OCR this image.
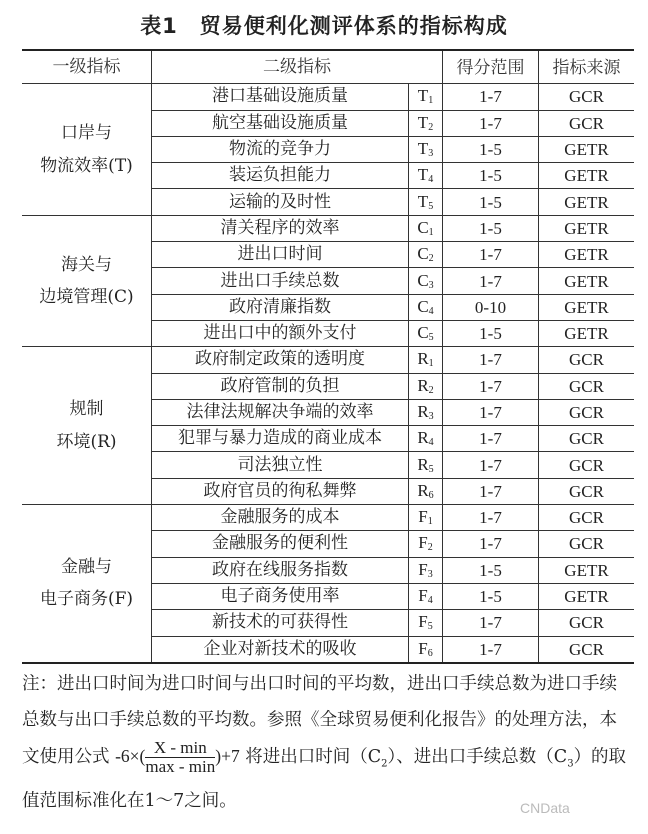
表1　贸易便利化测评体系的指标构成
一级指标	二级指标		得分范围	指标来源

口岸与
物流效率(T)	港口基础设施质量	$T_1$	1-7	GCR
	航空基础设施质量	$T_2$	1-7	GCR
	物流的竞争力	$T_3$	1-5	GETR
	装运负担能力	$T_4$	1-5	GETR
	运输的及时性	$T_5$	1-5	GETR

海关与
边境管理(C)	清关程序的效率	$C_1$	1-5	GETR
	进出口时间	$C_2$	1-7	GETR
	进出口手续总数	$C_3$	1-7	GETR
	政府清廉指数	$C_4$	0-10	GETR
	进出口中的额外支付	$C_5$	1-5	GETR

规制
环境(R)	政府制定政策的透明度	$R_1$	1-7	GCR
	政府管制的负担	$R_2$	1-7	GCR
	法律法规解决争端的效率	$R_3$	1-7	GCR
	犯罪与暴力造成的商业成本	$R_4$	1-7	GCR
	司法独立性	$R_5$	1-7	GCR
	政府官员的徇私舞弊	$R_6$	1-7	GCR

金融与
电子商务(F)	金融服务的成本	$F_1$	1-7	GCR
	金融服务的便利性	$F_2$	1-7	GCR
	政府在线服务指数	$F_3$	1-5	GETR
	电子商务使用率	$F_4$	1-5	GETR
	新技术的可获得性	$F_5$	1-7	GCR
	企业对新技术的吸收	$F_6$	1-7	GCR
注：进出口时间为进口时间与出口时间的平均数，进出口手续总数为进口手续总数与出口手续总数的平均数。参照《全球贸易便利化报告》的处理方法，本文使用公式 $-6\times( \frac{X - \min}{\max - \min} )+7$ 将进出口时间$(C_2)$、进出口手续总数$(C_3)$的取值范围标准化在1～7之间。	CNData
